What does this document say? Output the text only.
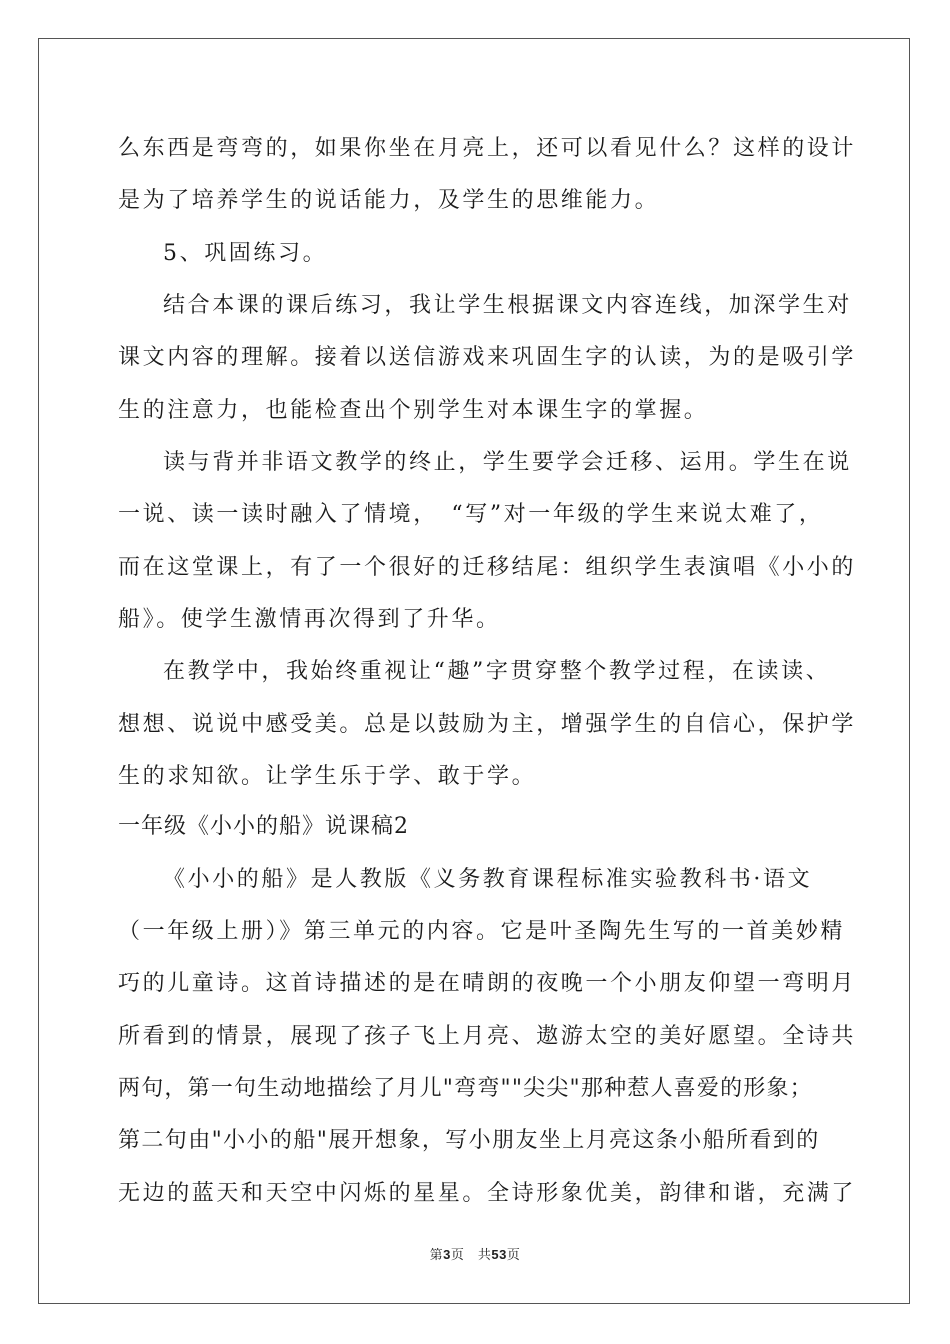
么东西是弯弯的，如果你坐在月亮上，还可以看见什么？这样的设计
是为了培养学生的说话能力，及学生的思维能力。
5、巩固练习。
结合本课的课后练习，我让学生根据课文内容连线，加深学生对
课文内容的理解。接着以送信游戏来巩固生字的认读，为的是吸引学
生的注意力，也能检查出个别学生对本课生字的掌握。
读与背并非语文教学的终止，学生要学会迁移、运用。学生在说
一说、读一读时融入了情境，　“写”对一年级的学生来说太难了，
而在这堂课上，有了一个很好的迁移结尾：组织学生表演唱《小小的
船》。使学生激情再次得到了升华。
在教学中，我始终重视让“趣”字贯穿整个教学过程，在读读、
想想、说说中感受美。总是以鼓励为主，增强学生的自信心，保护学
生的求知欲。让学生乐于学、敢于学。
一年级《小小的船》说课稿2
《小小的船》是人教版《义务教育课程标准实验教科书·语文
（一年级上册）》第三单元的内容。它是叶圣陶先生写的一首美妙精
巧的儿童诗。这首诗描述的是在晴朗的夜晚一个小朋友仰望一弯明月
所看到的情景，展现了孩子飞上月亮、遨游太空的美好愿望。全诗共
两句，第一句生动地描绘了月儿"弯弯""尖尖"那种惹人喜爱的形象；
第二句由"小小的船"展开想象，写小朋友坐上月亮这条小船所看到的
无边的蓝天和天空中闪烁的星星。全诗形象优美，韵律和谐，充满了
第3页　共53页
